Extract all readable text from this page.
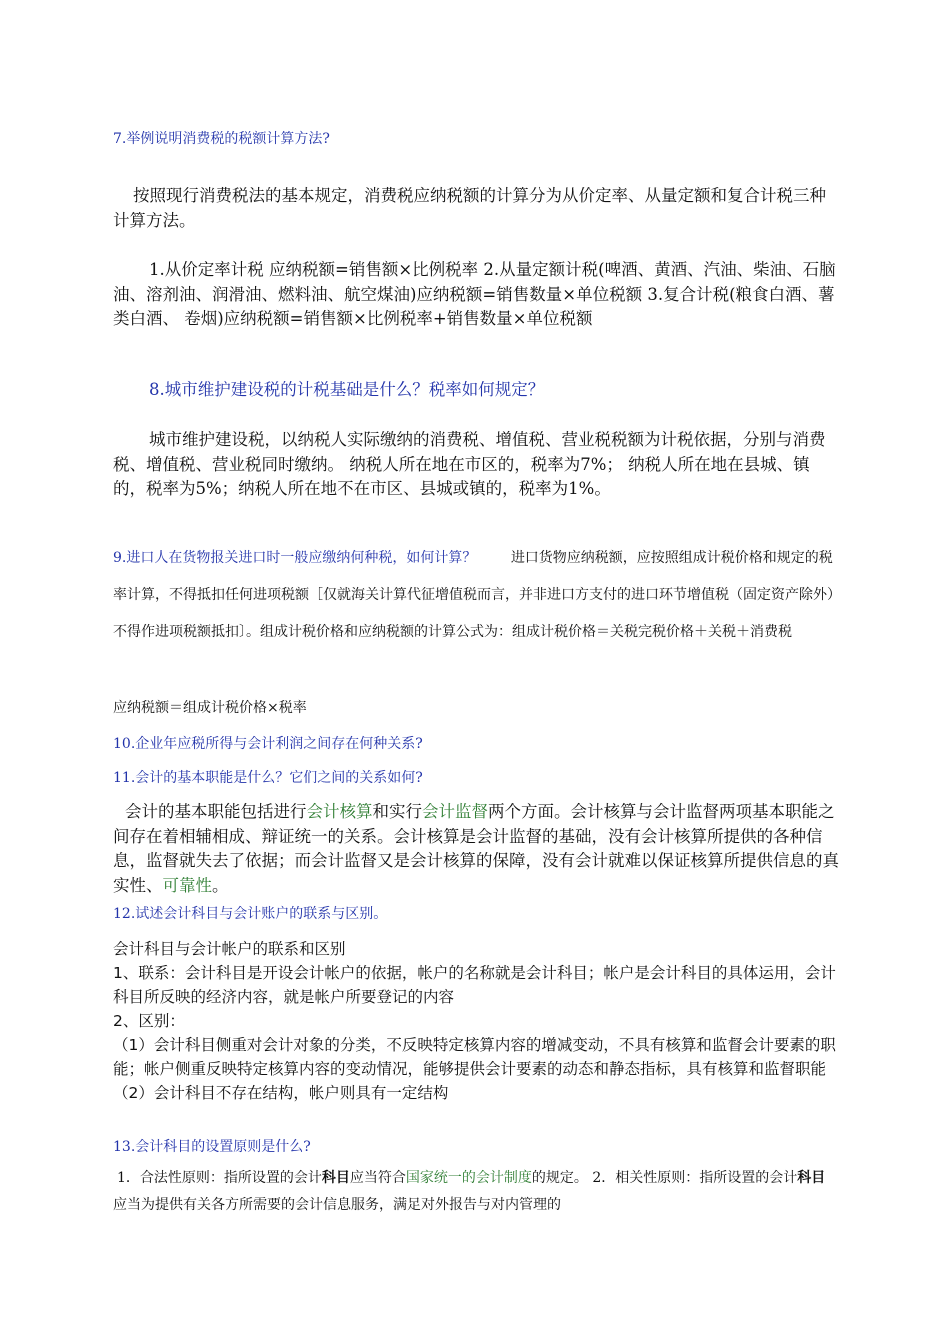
7.举例说明消费税的税额计算方法?
按照现行消费税法的基本规定，消费税应纳税额的计算分为从价定率、从量定额和复合计税三种计算方法。
1.从价定率计税 应纳税额=销售额×比例税率 2.从量定额计税(啤酒、黄酒、汽油、柴油、石脑油、溶剂油、润滑油、燃料油、航空煤油)应纳税额=销售数量×单位税额 3.复合计税(粮食白酒、薯类白酒、 卷烟)应纳税额=销售额×比例税率+销售数量×单位税额
8.城市维护建设税的计税基础是什么？税率如何规定？
城市维护建设税，以纳税人实际缴纳的消费税、增值税、营业税税额为计税依据，分别与消费税、增值税、营业税同时缴纳。 纳税人所在地在市区的，税率为7%； 纳税人所在地在县城、镇的，税率为5%；纳税人所在地不在市区、县城或镇的，税率为1%。
9.进口人在货物报关进口时一般应缴纳何种税，如何计算？ 进口货物应纳税额，应按照组成计税价格和规定的税率计算，不得抵扣任何进项税额［仅就海关计算代征增值税而言，并非进口方支付的进口环节增值税（固定资产除外）不得作进项税额抵扣〕。组成计税价格和应纳税额的计算公式为：组成计税价格＝关税完税价格＋关税＋消费税
应纳税额＝组成计税价格×税率
10.企业年应税所得与会计利润之间存在何种关系?
11.会计的基本职能是什么？它们之间的关系如何?
会计的基本职能包括进行会计核算和实行会计监督两个方面。会计核算与会计监督两项基本职能之间存在着相辅相成、辩证统一的关系。会计核算是会计监督的基础，没有会计核算所提供的各种信息，监督就失去了依据；而会计监督又是会计核算的保障，没有会计就难以保证核算所提供信息的真实性、可靠性。
12.试述会计科目与会计账户的联系与区别。
会计科目与会计帐户的联系和区别
1、联系：会计科目是开设会计帐户的依据，帐户的名称就是会计科目；帐户是会计科目的具体运用，会计科目所反映的经济内容，就是帐户所要登记的内容
2、区别：
（1）会计科目侧重对会计对象的分类，不反映特定核算内容的增减变动，不具有核算和监督会计要素的职能；帐户侧重反映特定核算内容的变动情况，能够提供会计要素的动态和静态指标，具有核算和监督职能
（2）会计科目不存在结构，帐户则具有一定结构
13.会计科目的设置原则是什么?
1．合法性原则：指所设置的会计科目应当符合国家统一的会计制度的规定。 2．相关性原则：指所设置的会计科目应当为提供有关各方所需要的会计信息服务，满足对外报告与对内管理的
